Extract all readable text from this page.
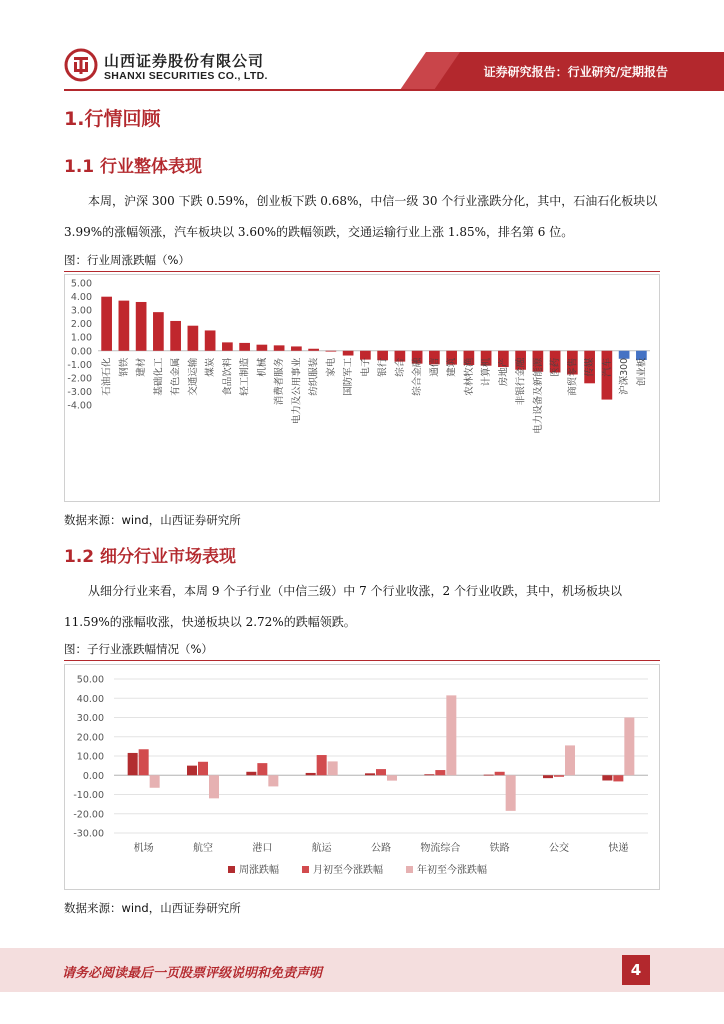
山西证券股份有限公司
SHANXI SECURITIES CO., LTD.	证券研究报告：行业研究/定期报告
1.行情回顾
1.1 行业整体表现

本周，沪深 300 下跌 0.59%，创业板下跌 0.68%，中信一级 30 个行业涨跌分化，其中，石油石化板块以 3.99%的涨幅领涨，汽车板块以 3.60%的跌幅领跌，交通运输行业上涨 1.85%，排名第 6 位。

图：行业周涨跌幅（%）
5.00
4.00
3.00
2.00
1.00
0.00
-1.00
-2.00
-3.00
-4.00
石油石化 钢铁 建材 基础化工 有色金属 交通运输 煤炭 食品饮料 轻工制造 机械 消费者服务 电力及公用事业 纺织服装 家电 国防军工 电子 银行 综合 综合金融 通信 建筑 农林牧渔 计算机 房地产 非银行金融 电力设备及新能源 医药 商贸零售 传媒 汽车 沪深300 创业板
数据来源：wind，山西证券研究所
1.2 细分行业市场表现

从细分行业来看，本周 9 个子行业（中信三级）中 7 个行业收涨，2 个行业收跌，其中，机场板块以 11.59%的涨幅收涨，快递板块以 2.72%的跌幅领跌。

图：子行业涨跌幅情况（%）
50.00
40.00
30.00
20.00
10.00
0.00
-10.00
-20.00
-30.00
机场	航空	港口	航运	公路	物流综合	铁路	公交	快递
周涨跌幅	月初至今涨跌幅	年初至今涨跌幅
数据来源：wind，山西证券研究所
请务必阅读最后一页股票评级说明和免责声明	4
